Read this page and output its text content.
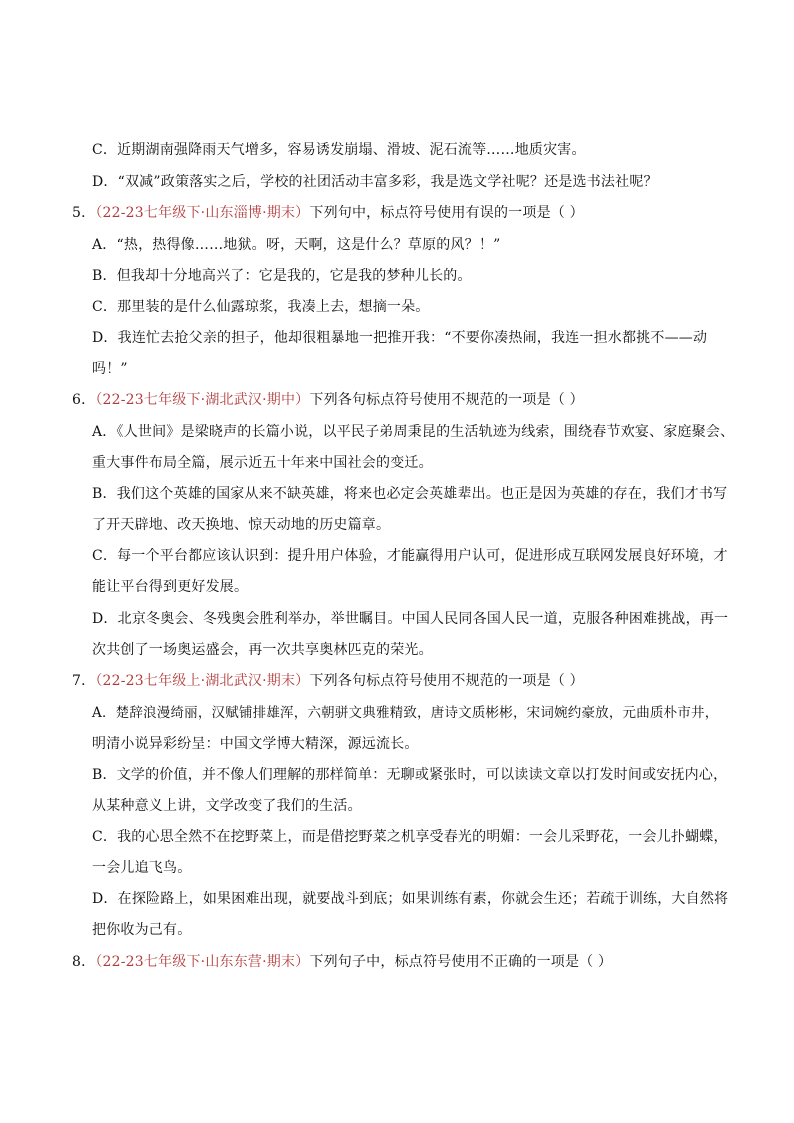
C．近期湖南强降雨天气增多，容易诱发崩塌、滑坡、泥石流等……地质灾害。
D．“双减”政策落实之后，学校的社团活动丰富多彩，我是选文学社呢？还是选书法社呢？
5．（22-23七年级下·山东淄博·期末）下列句中，标点符号使用有误的一项是（ ）
A．“热，热得像……地狱。呀，天啊，这是什么？草原的风？！”
B．但我却十分地高兴了：它是我的，它是我的梦种儿长的。
C．那里装的是什么仙露琼浆，我凑上去，想摘一朵。
D．我连忙去抢父亲的担子，他却很粗暴地一把推开我：“不要你凑热闹，我连一担水都挑不——动
吗！”
6．（22-23七年级下·湖北武汉·期中）下列各句标点符号使用不规范的一项是（ ）
A．《人世间》是梁晓声的长篇小说，以平民子弟周秉昆的生活轨迹为线索，围绕春节欢宴、家庭聚会、
重大事件布局全篇，展示近五十年来中国社会的变迁。
B．我们这个英雄的国家从来不缺英雄，将来也必定会英雄辈出。也正是因为英雄的存在，我们才书写
了开天辟地、改天换地、惊天动地的历史篇章。
C．每一个平台都应该认识到：提升用户体验，才能赢得用户认可，促进形成互联网发展良好环境，才
能让平台得到更好发展。
D．北京冬奥会、冬残奥会胜利举办，举世瞩目。中国人民同各国人民一道，克服各种困难挑战，再一
次共创了一场奥运盛会，再一次共享奥林匹克的荣光。
7．（22-23七年级上·湖北武汉·期末）下列各句标点符号使用不规范的一项是（ ）
A．楚辞浪漫绮丽，汉赋铺排雄浑，六朝骈文典雅精致，唐诗文质彬彬，宋词婉约豪放，元曲质朴市井，
明清小说异彩纷呈：中国文学博大精深，源远流长。
B．文学的价值，并不像人们理解的那样简单：无聊或紧张时，可以读读文章以打发时间或安抚内心，
从某种意义上讲，文学改变了我们的生活。
C．我的心思全然不在挖野菜上，而是借挖野菜之机享受春光的明媚：一会儿采野花，一会儿扑蝴蝶，
一会儿追飞鸟。
D．在探险路上，如果困难出现，就要战斗到底；如果训练有素，你就会生还；若疏于训练，大自然将
把你收为己有。
8．（22-23七年级下·山东东营·期末）下列句子中，标点符号使用不正确的一项是（ ）
